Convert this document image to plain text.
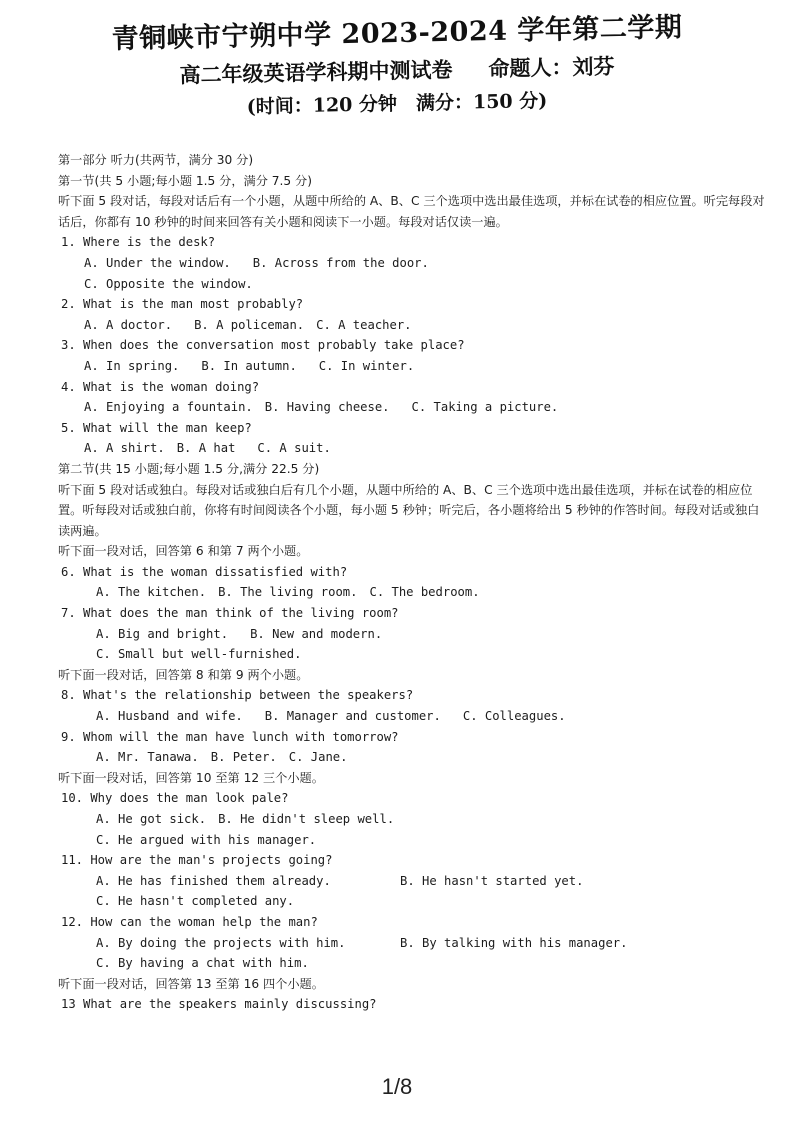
青铜峡市宁朔中学 2023-2024 学年第二学期
高二年级英语学科期中测试卷 命题人：刘芬
(时间：120 分钟　满分：150 分)
第一部分 听力(共两节，满分 30 分)
第一节(共 5 小题;每小题 1.5 分，满分 7.5 分)
听下面 5 段对话，每段对话后有一个小题，从题中所给的 A、B、C 三个选项中选出最佳选项，并标在试卷的相应位置。听完每段对话后，你都有 10 秒钟的时间来回答有关小题和阅读下一小题。每段对话仅读一遍。
1. Where is the desk?
A. Under the window. B. Across from the door.
C. Opposite the window.
2. What is the man most probably?
A. A doctor. B. A policeman. C. A teacher.
3. When does the conversation most probably take place?
A. In spring. B. In autumn. C. In winter.
4. What is the woman doing?
A. Enjoying a fountain. B. Having cheese. C. Taking a picture.
5. What will the man keep?
A. A shirt. B. A hat C. A suit.
第二节(共 15 小题;每小题 1.5 分,满分 22.5 分)
听下面 5 段对话或独白。每段对话或独白后有几个小题，从题中所给的 A、B、C 三个选项中选出最佳选项，并标在试卷的相应位置。听每段对话或独白前，你将有时间阅读各个小题，每小题 5 秒钟；听完后，各小题将给出 5 秒钟的作答时间。每段对话或独白读两遍。
听下面一段对话，回答第 6 和第 7 两个小题。
6. What is the woman dissatisfied with?
A. The kitchen. B. The living room. C. The bedroom.
7. What does the man think of the living room?
A. Big and bright. B. New and modern.
C. Small but well-furnished.
听下面一段对话，回答第 8 和第 9 两个小题。
8. What's the relationship between the speakers?
A. Husband and wife. B. Manager and customer. C. Colleagues.
9. Whom will the man have lunch with tomorrow?
A. Mr. Tanawa. B. Peter. C. Jane.
听下面一段对话，回答第 10 至第 12 三个小题。
10. Why does the man look pale?
A. He got sick. B. He didn't sleep well.
C. He argued with his manager.
11. How are the man's projects going?
A. He has finished them already.	B. He hasn't started yet.
C. He hasn't completed any.
12. How can the woman help the man?
A. By doing the projects with him.	B. By talking with his manager.
C. By having a chat with him.
听下面一段对话，回答第 13 至第 16 四个小题。
13 What are the speakers mainly discussing?
1/8
